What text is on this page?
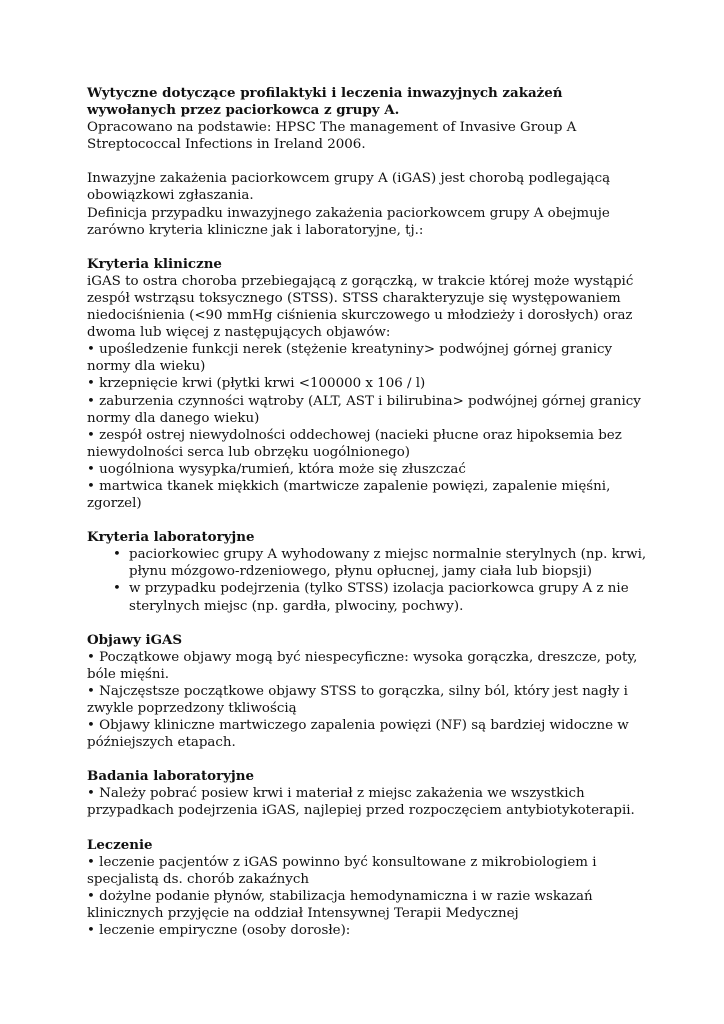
Wytyczne dotyczące profilaktyki i leczenia inwazyjnych zakażeń wywołanych przez paciorkowca z grupy A.

Opracowano na podstawie: HPSC The management of Invasive Group A Streptococcal Infections in Ireland 2006.

Inwazyjne zakażenia paciorkowcem grupy A (iGAS) jest chorobą podlegającą obowiązkowi zgłaszania.

Definicja przypadku inwazyjnego zakażenia paciorkowcem grupy A obejmuje zarówno kryteria kliniczne jak i laboratoryjne, tj.:

Kryteria kliniczne

iGAS to ostra choroba przebiegającą z gorączką, w trakcie której może wystąpić zespół wstrząsu toksycznego (STSS). STSS charakteryzuje się występowaniem niedociśnienia (<90 mmHg ciśnienia skurczowego u młodzieży i dorosłych) oraz dwoma lub więcej z następujących objawów:

• upośledzenie funkcji nerek (stężenie kreatyniny> podwójnej górnej granicy normy dla wieku)

• krzepnięcie krwi (płytki krwi <100000 x 106 / l)

• zaburzenia czynności wątroby (ALT, AST i bilirubina> podwójnej górnej granicy normy dla danego wieku)

• zespół ostrej niewydolności oddechowej (nacieki płucne oraz hipoksemia bez niewydolności serca lub obrzęku uogólnionego)

• uogólniona wysypka/rumień, która może się złuszczać

• martwica tkanek miękkich (martwicze zapalenie powięzi, zapalenie mięśni, zgorzel)

Kryteria laboratoryjne

• paciorkowiec grupy A wyhodowany z miejsc normalnie sterylnych (np. krwi, płynu mózgowo-rdzeniowego, płynu opłucnej, jamy ciała lub biopsji)
• w przypadku podejrzenia (tylko STSS) izolacja paciorkowca grupy A z nie sterylnych miejsc (np. gardła, plwociny, pochwy).

Objawy iGAS

• Początkowe objawy mogą być niespecyficzne: wysoka gorączka, dreszcze, poty, bóle mięśni.

• Najczęstsze początkowe objawy STSS to gorączka, silny ból, który jest nagły i zwykle poprzedzony tkliwością

• Objawy kliniczne martwiczego zapalenia powięzi (NF) są bardziej widoczne w późniejszych etapach.

Badania laboratoryjne

• Należy pobrać posiew krwi i materiał z miejsc zakażenia we wszystkich przypadkach podejrzenia iGAS, najlepiej przed rozpoczęciem antybiotykoterapii.

Leczenie

• leczenie pacjentów z iGAS powinno być konsultowane z mikrobiologiem i specjalistą ds. chorób zakaźnych

• dożylne podanie płynów, stabilizacja hemodynamiczna i w razie wskazań klinicznych przyjęcie na oddział Intensywnej Terapii Medycznej

• leczenie empiryczne (osoby dorosłe):
